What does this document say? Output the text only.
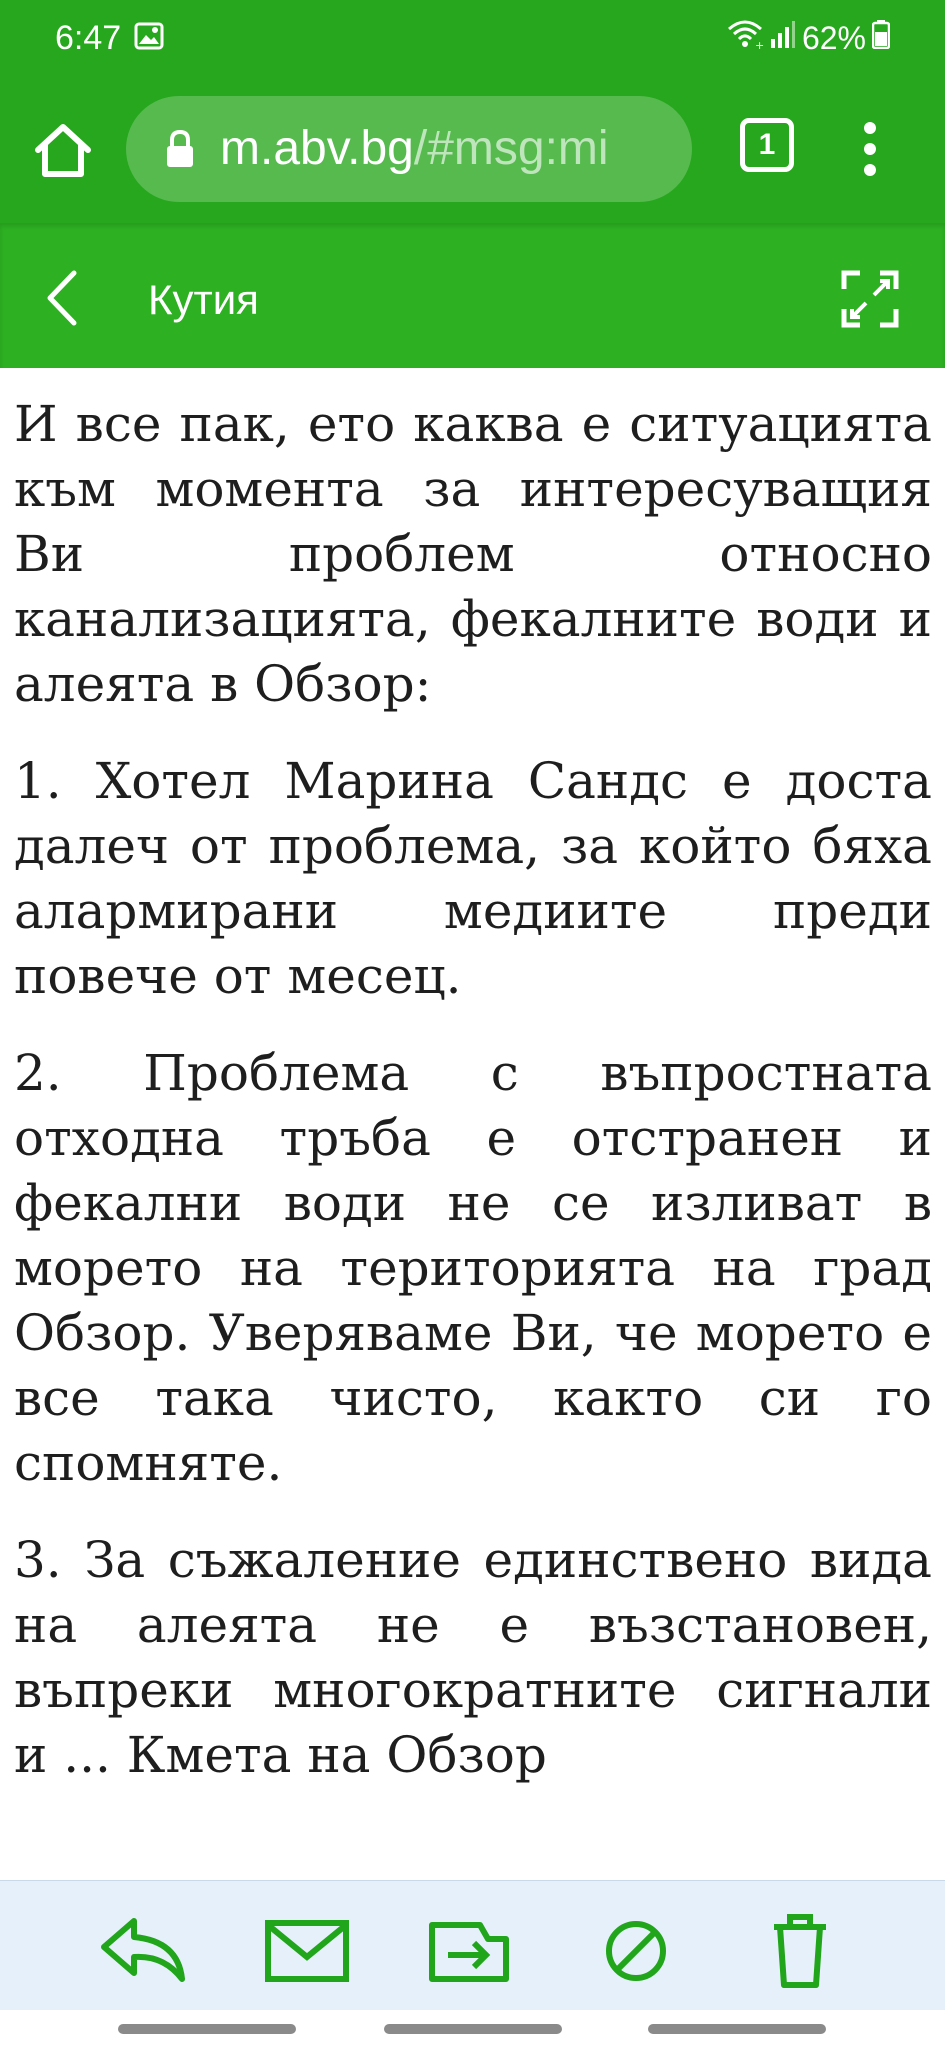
6:47	+ 62%
m.abv.bg/#msg:mi	1
Кутия

И все пак, ето каква е ситуацията към момента за интересуващия Ви проблем относно канализацията, фекалните води и алеята в Обзор:

1. Хотел Марина Сандс е доста далеч от проблема, за който бяха алармирани медиите преди повече от месец.

2. Проблема с въпростната отходна тръба е отстранен и фекални води не се изливат в морето на територията на град Обзор. Уверяваме Ви, че морето е все така чисто, както си го спомняте.

3. За съжаление единствено вида на алеята не е възстановен, въпреки многократните сигнали и ... Кмета на Обзор
